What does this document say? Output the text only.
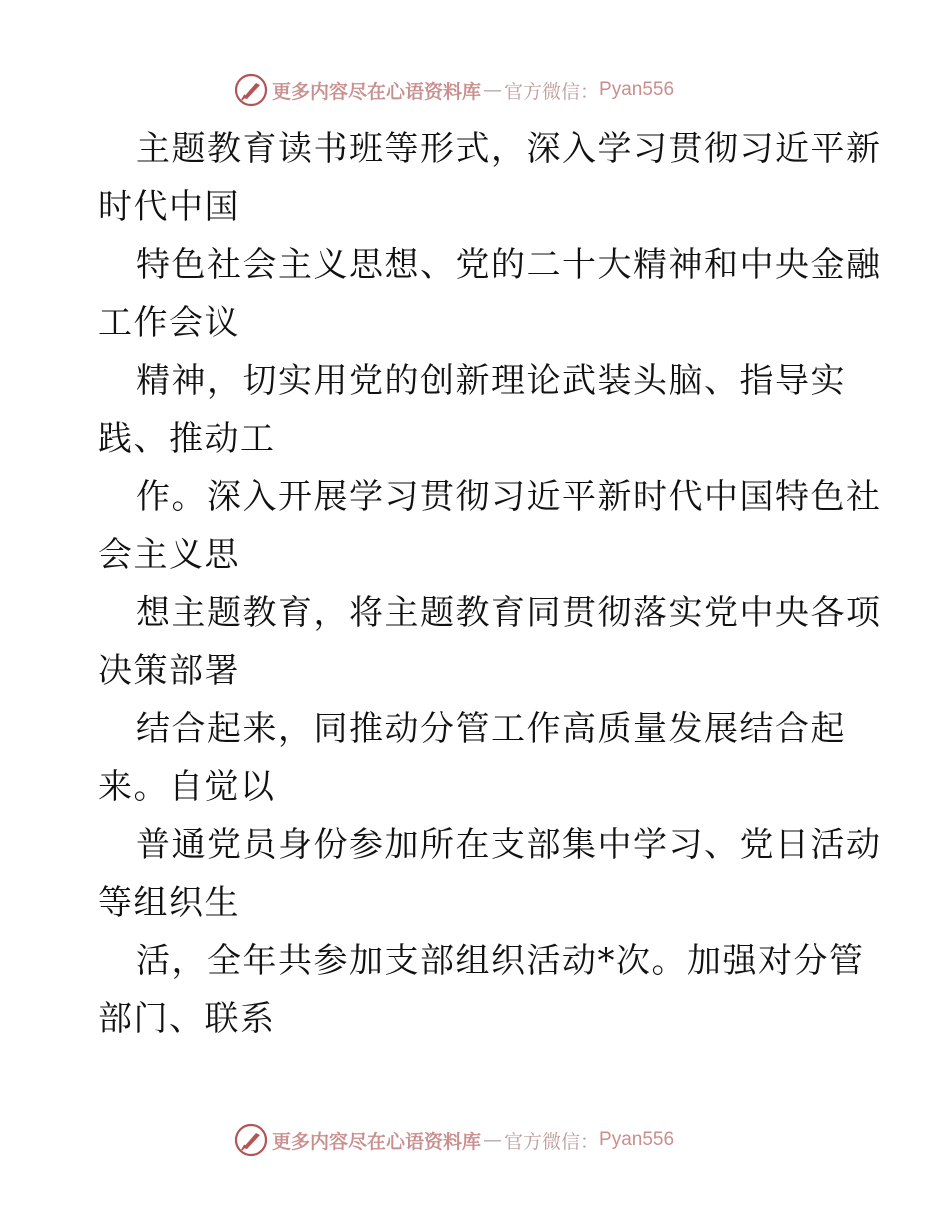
更多内容尽在心语资料库 — 官方微信： Pyan556

主题教育读书班等形式，深入学习贯彻习近平新
时代中国

特色社会主义思想、党的二十大精神和中央金融
工作会议

精神，切实用党的创新理论武装头脑、指导实
践、推动工

作。深入开展学习贯彻习近平新时代中国特色社
会主义思

想主题教育，将主题教育同贯彻落实党中央各项
决策部署

结合起来，同推动分管工作高质量发展结合起
来。自觉以

普通党员身份参加所在支部集中学习、党日活动
等组织生

活，全年共参加支部组织活动*次。加强对分管
部门、联系

更多内容尽在心语资料库 — 官方微信： Pyan556
